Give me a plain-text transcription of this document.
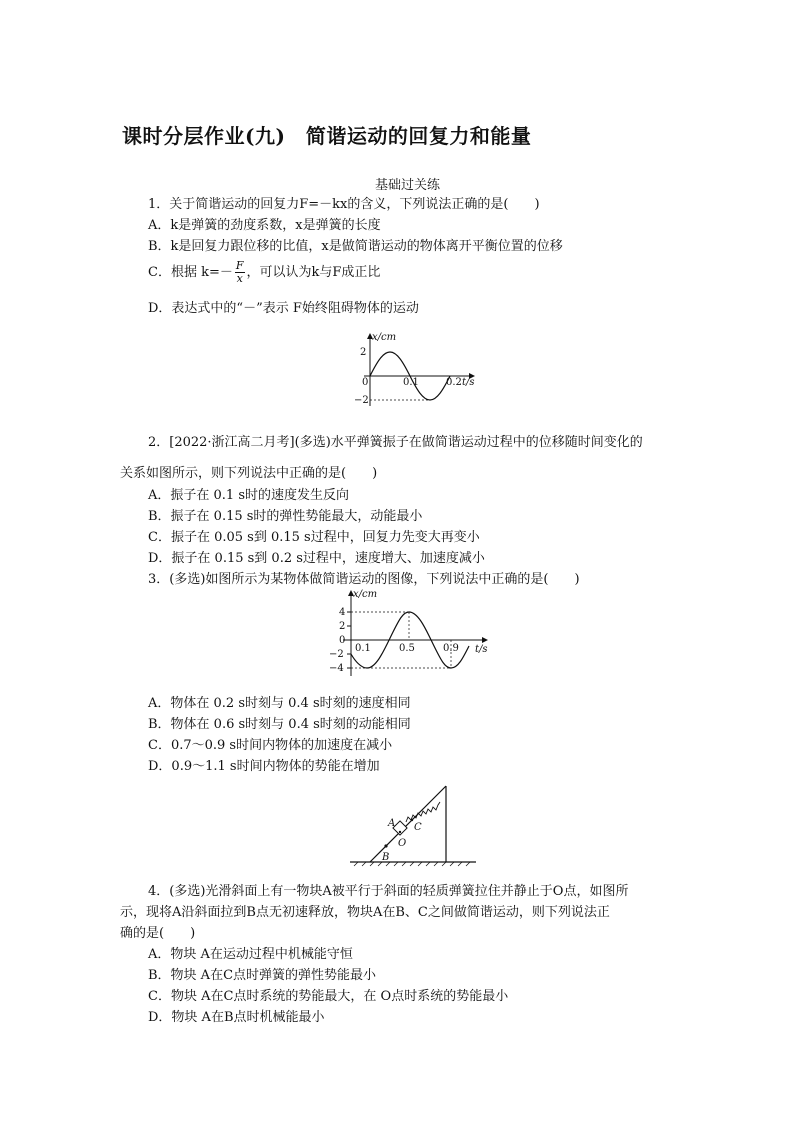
课时分层作业(九)　简谐运动的回复力和能量
基础过关练
1．关于简谐运动的回复力F=－kx的含义，下列说法正确的是(　　)
A．k是弹簧的劲度系数，x是弹簧的长度
B．k是回复力跟位移的比值，x是做简谐运动的物体离开平衡位置的位移
C．根据 $k=- \frac{F}{x}$ ，可以认为k与F成正比
D．表达式中的“－”表示 F始终阻碍物体的运动
x/cm
2
−2
0	0.1	0.2 t/s
2．[2022·浙江高二月考](多选)水平弹簧振子在做简谐运动过程中的位移随时间变化的
关系如图所示，则下列说法中正确的是(　　)
A．振子在 0.1 s时的速度发生反向
B．振子在 0.15 s时的弹性势能最大，动能最小
C．振子在 0.05 s到 0.15 s过程中，回复力先变大再变小
D．振子在 0.15 s到 0.2 s过程中，速度增大、加速度减小
3．(多选)如图所示为某物体做简谐运动的图像，下列说法中正确的是(　　)
x/cm
4
2
0
−2
−4
0.1	0.5	0.9 t/s
A．物体在 0.2 s时刻与 0.4 s时刻的速度相同
B．物体在 0.6 s时刻与 0.4 s时刻的动能相同
C．0.7～0.9 s时间内物体的加速度在减小
D．0.9～1.1 s时间内物体的势能在增加
A
B
C
O
4．(多选)光滑斜面上有一物块A被平行于斜面的轻质弹簧拉住并静止于O点，如图所
示，现将A沿斜面拉到B点无初速释放，物块A在B、C之间做简谐运动，则下列说法正
确的是(　　)
A．物块 A在运动过程中机械能守恒
B．物块 A在C点时弹簧的弹性势能最小
C．物块 A在C点时系统的势能最大，在 O点时系统的势能最小
D．物块 A在B点时机械能最小
